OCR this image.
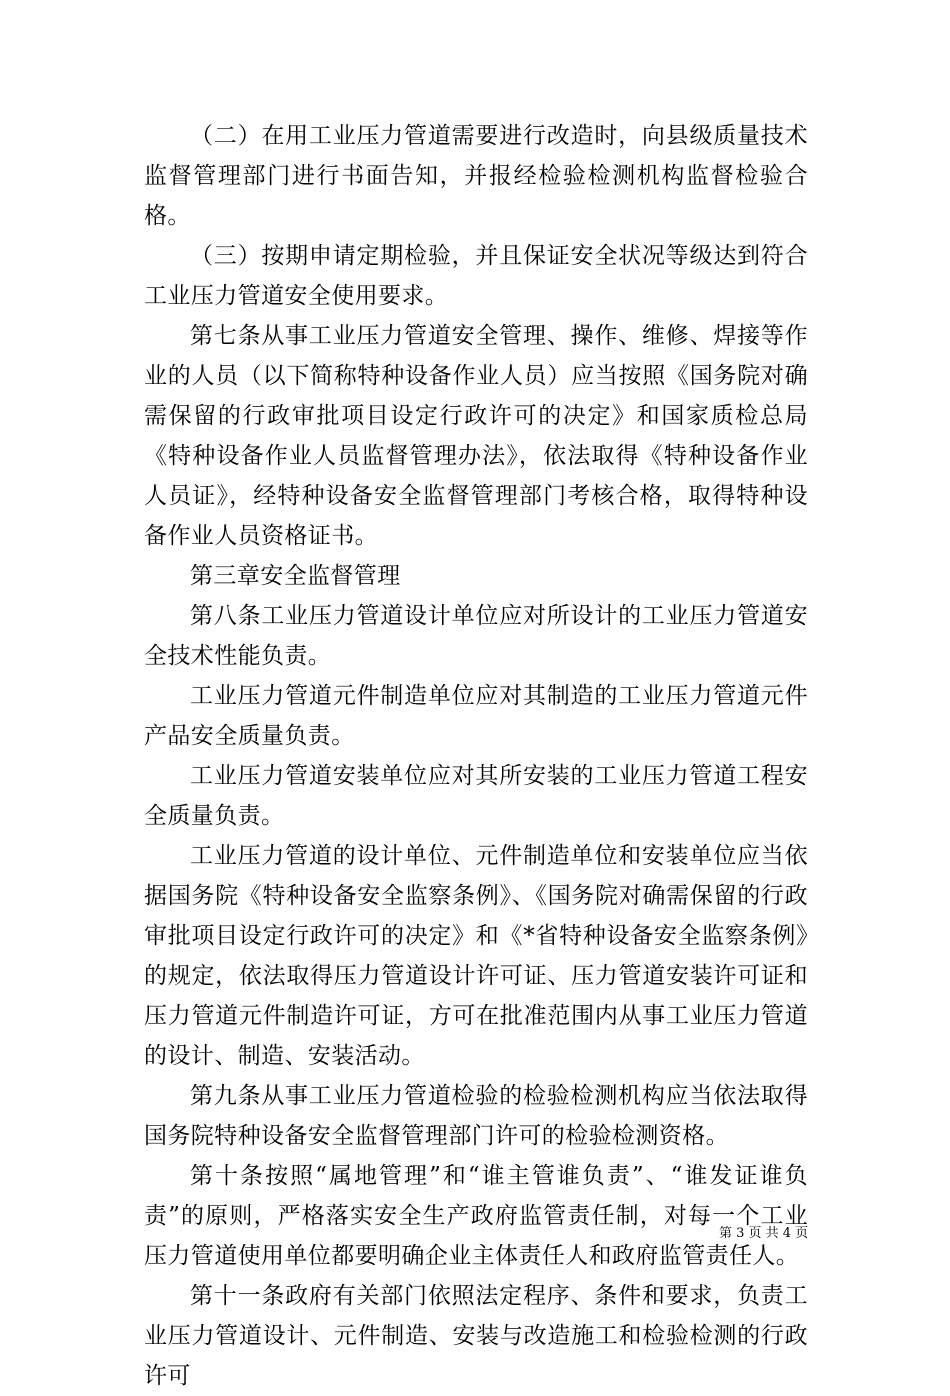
（二）在用工业压力管道需要进行改造时，向县级质量技术监督管理部门进行书面告知，并报经检验检测机构监督检验合格。

（三）按期申请定期检验，并且保证安全状况等级达到符合工业压力管道安全使用要求。

第七条从事工业压力管道安全管理、操作、维修、焊接等作业的人员（以下简称特种设备作业人员）应当按照《国务院对确需保留的行政审批项目设定行政许可的决定》和国家质检总局《特种设备作业人员监督管理办法》，依法取得《特种设备作业人员证》，经特种设备安全监督管理部门考核合格，取得特种设备作业人员资格证书。

第三章安全监督管理

第八条工业压力管道设计单位应对所设计的工业压力管道安全技术性能负责。

工业压力管道元件制造单位应对其制造的工业压力管道元件产品安全质量负责。

工业压力管道安装单位应对其所安装的工业压力管道工程安全质量负责。

工业压力管道的设计单位、元件制造单位和安装单位应当依据国务院《特种设备安全监察条例》、《国务院对确需保留的行政审批项目设定行政许可的决定》和《*省特种设备安全监察条例》的规定，依法取得压力管道设计许可证、压力管道安装许可证和压力管道元件制造许可证，方可在批准范围内从事工业压力管道的设计、制造、安装活动。

第九条从事工业压力管道检验的检验检测机构应当依法取得国务院特种设备安全监督管理部门许可的检验检测资格。

第十条按照“属地管理”和“谁主管谁负责”、“谁发证谁负责”的原则，严格落实安全生产政府监管责任制，对每一个工业压力管道使用单位都要明确企业主体责任人和政府监管责任人。

第十一条政府有关部门依照法定程序、条件和要求，负责工业压力管道设计、元件制造、安装与改造施工和检验检测的行政许可

第 3 页 共 4 页
